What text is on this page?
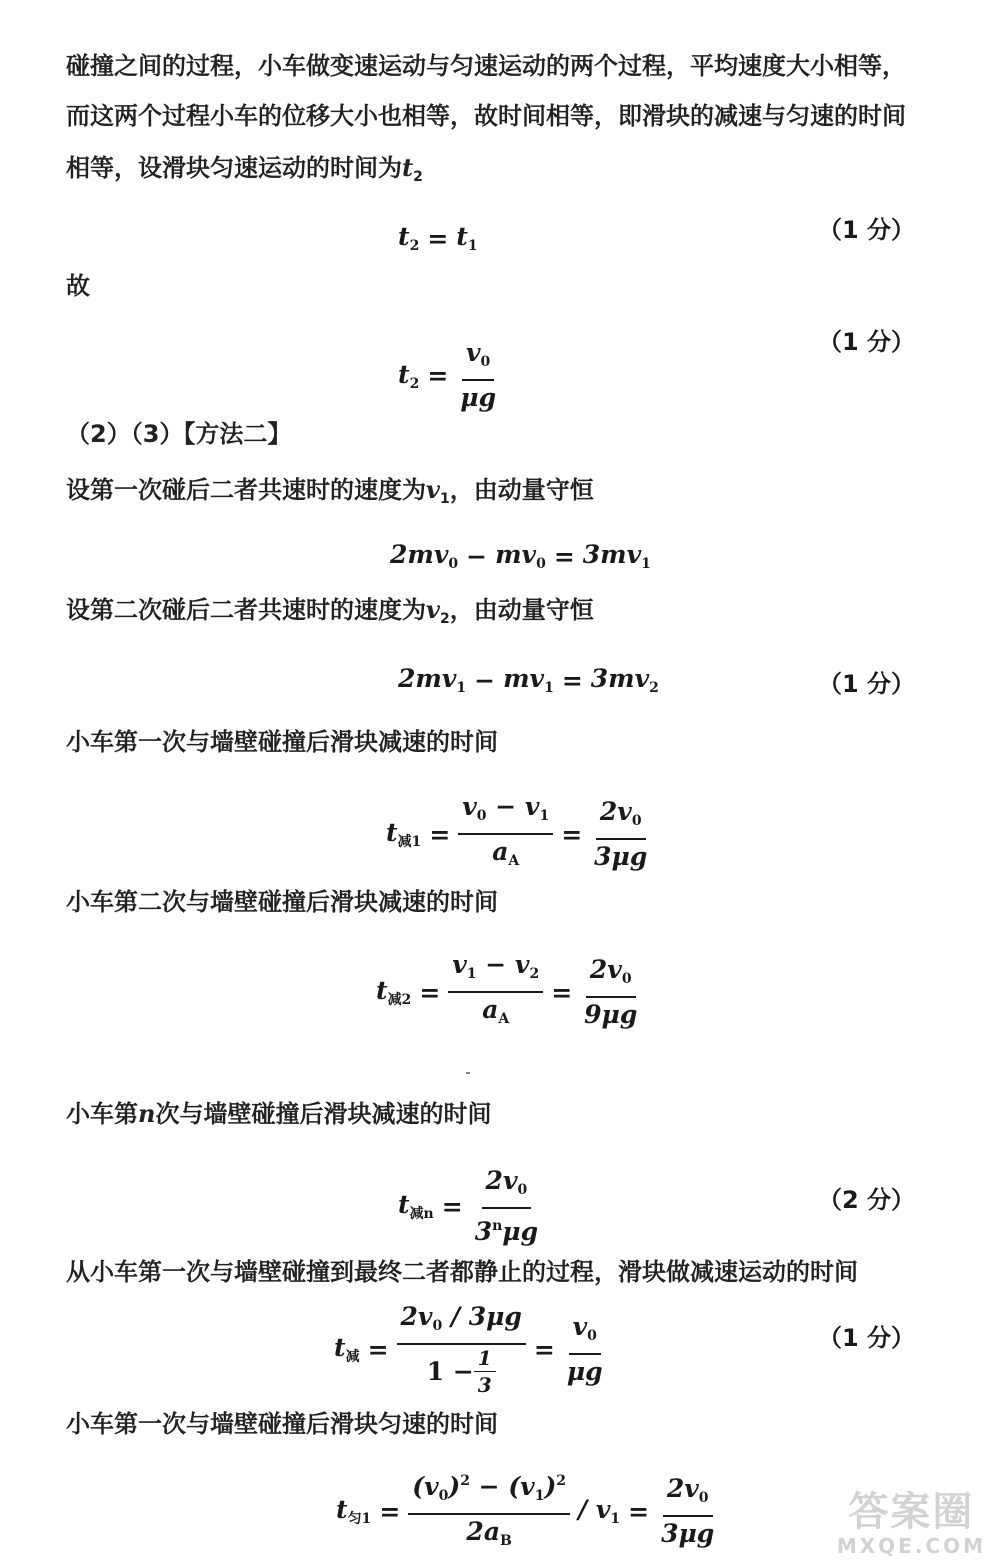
碰撞之间的过程，小车做变速运动与匀速运动的两个过程，平均速度大小相等，
而这两个过程小车的位移大小也相等，故时间相等，即滑块的减速与匀速的时间
相等，设滑块匀速运动的时间为$t_2$
$t_2 = t_1$
（1 分）
故
$t_2 = \frac{v_0}{\mu g}$	（1 分）
（2）（3）【方法二】
设第一次碰后二者共速时的速度为$v_1$，由动量守恒
$2mv_0 - mv_0 = 3mv_1$
设第二次碰后二者共速时的速度为$v_2$，由动量守恒
$2mv_1 - mv_1 = 3mv_2$	（1 分）
小车第一次与墙壁碰撞后滑块减速的时间
$t_{减1} = \frac{v_0 - v_1}{a_A} = \frac{2v_0}{3\mu g}$
小车第二次与墙壁碰撞后滑块减速的时间
$t_{减2} = \frac{v_1 - v_2}{a_A} = \frac{2v_0}{9\mu g}$
小车第n次与墙壁碰撞后滑块减速的时间
$t_{减n} = \frac{2v_0}{3^n\mu g}$	（2 分）
从小车第一次与墙壁碰撞到最终二者都静止的过程，滑块做减速运动的时间
$t_减 = \frac{2v_0 / 3\mu g}{1 - \frac{1}{3}} = \frac{v_0}{\mu g}$	（1 分）
小车第一次与墙壁碰撞后滑块匀速的时间
$t_{匀1} = \frac{(v_0)^2 - (v_1)^2}{2a_B} / v_1 = \frac{2v_0}{3\mu g}$	答案圈
MXQE.COM
